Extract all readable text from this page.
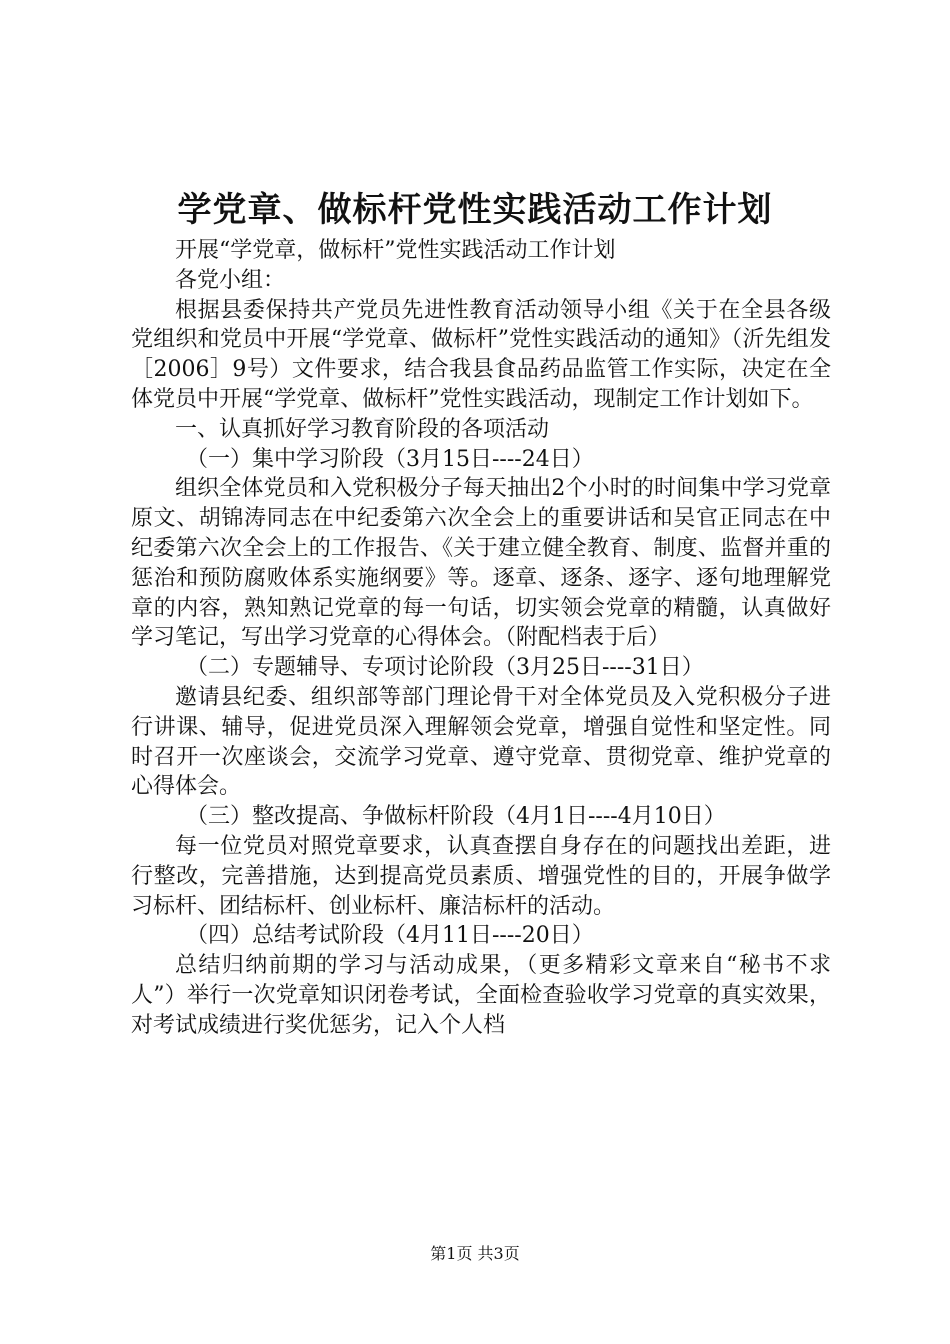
学党章、做标杆党性实践活动工作计划

开展“学党章，做标杆”党性实践活动工作计划

各党小组：

根据县委保持共产党员先进性教育活动领导小组《关于在全县各级党组织和党员中开展“学党章、做标杆”党性实践活动的通知》（沂先组发［2006］9号）文件要求，结合我县食品药品监管工作实际，决定在全体党员中开展“学党章、做标杆”党性实践活动，现制定工作计划如下。

一、认真抓好学习教育阶段的各项活动

（一）集中学习阶段（3月15日----24日）

组织全体党员和入党积极分子每天抽出2个小时的时间集中学习党章原文、胡锦涛同志在中纪委第六次全会上的重要讲话和吴官正同志在中纪委第六次全会上的工作报告、《关于建立健全教育、制度、监督并重的惩治和预防腐败体系实施纲要》等。逐章、逐条、逐字、逐句地理解党章的内容，熟知熟记党章的每一句话，切实领会党章的精髓，认真做好学习笔记，写出学习党章的心得体会。（附配档表于后）

（二）专题辅导、专项讨论阶段（3月25日----31日）

邀请县纪委、组织部等部门理论骨干对全体党员及入党积极分子进行讲课、辅导，促进党员深入理解领会党章，增强自觉性和坚定性。同时召开一次座谈会，交流学习党章、遵守党章、贯彻党章、维护党章的心得体会。

（三）整改提高、争做标杆阶段（4月1日----4月10日）

每一位党员对照党章要求，认真查摆自身存在的问题找出差距，进行整改，完善措施，达到提高党员素质、增强党性的目的，开展争做学习标杆、团结标杆、创业标杆、廉洁标杆的活动。

（四）总结考试阶段（4月11日----20日）

总结归纳前期的学习与活动成果，（更多精彩文章来自“秘书不求人”）举行一次党章知识闭卷考试，全面检查验收学习党章的真实效果，对考试成绩进行奖优惩劣，记入个人档

第1页 共3页
